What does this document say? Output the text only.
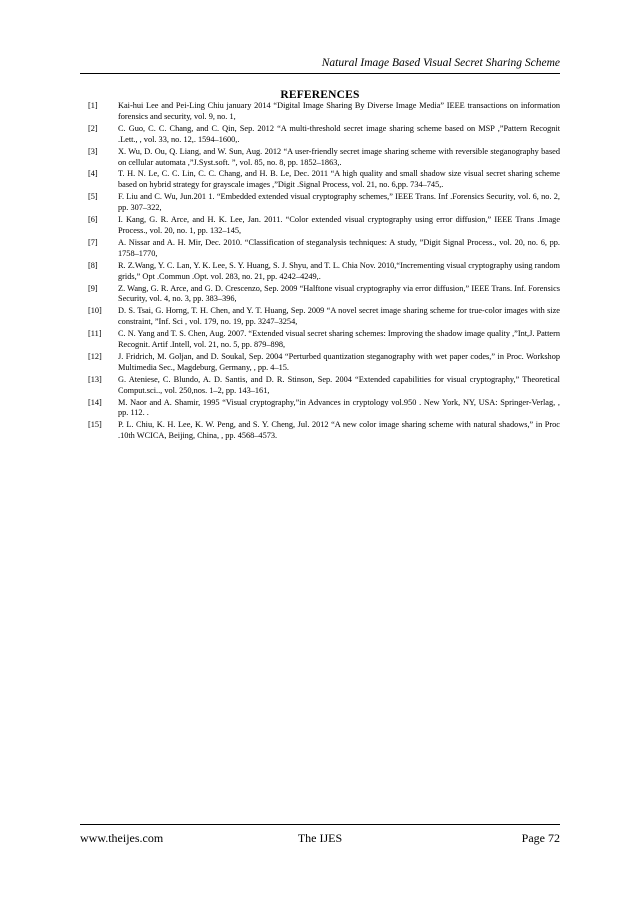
Natural Image Based Visual Secret Sharing Scheme
REFERENCES
[1]	Kai-hui Lee and Pei-Ling Chiu january 2014 “Digital Image Sharing By Diverse Image Media” IEEE transactions on information forensics and security, vol. 9, no. 1,
[2]	C. Guo, C. C. Chang, and C. Qin, Sep. 2012 “A multi-threshold secret image sharing scheme based on MSP ,”Pattern Recognit .Lett., , vol. 33, no. 12,. 1594–1600,.
[3]	X. Wu, D. Ou, Q. Liang, and W. Sun, Aug. 2012 “A user-friendly secret image sharing scheme with reversible steganography based on cellular automata ,”J.Syst.soft. ”, vol. 85, no. 8, pp. 1852–1863,.
[4]	T. H. N. Le, C. C. Lin, C. C. Chang, and H. B. Le, Dec. 2011 “A high quality and small shadow size visual secret sharing scheme based on hybrid strategy for grayscale images ,”Digit .Signal Process, vol. 21, no. 6,pp. 734–745,.
[5]	F. Liu and C. Wu, Jun.201 1. “Embedded extended visual cryptography schemes,” IEEE Trans. Inf .Forensics Security, vol. 6, no. 2, pp. 307–322,
[6]	I. Kang, G. R. Arce, and H. K. Lee, Jan. 2011. “Color extended visual cryptography using error diffusion,” IEEE Trans .Image Process., vol. 20, no. 1, pp. 132–145,
[7]	A. Nissar and A. H. Mir, Dec. 2010. “Classification of steganalysis techniques: A study, ”Digit Signal Process., vol. 20, no. 6, pp. 1758–1770,
[8]	R. Z.Wang, Y. C. Lan, Y. K. Lee, S. Y. Huang, S. J. Shyu, and T. L. Chia Nov. 2010,“Incrementing visual cryptography using random grids,” Opt .Commun .Opt. vol. 283, no. 21, pp. 4242–4249,.
[9]	Z. Wang, G. R. Arce, and G. D. Crescenzo, Sep. 2009 “Halftone visual cryptography via error diffusion,” IEEE Trans. Inf. Forensics Security, vol. 4, no. 3, pp. 383–396,
[10]	D. S. Tsai, G. Horng, T. H. Chen, and Y. T. Huang, Sep. 2009 “A novel secret image sharing scheme for true-color images with size constraint, ”Inf. Sci , vol. 179, no. 19, pp. 3247–3254,
[11]	C. N. Yang and T. S. Chen, Aug. 2007. “Extended visual secret sharing schemes: Improving the shadow image quality ,”Int,J. Pattern Recognit. Artif .Intell, vol. 21, no. 5, pp. 879–898,
[12]	J. Fridrich, M. Goljan, and D. Soukal, Sep. 2004 “Perturbed quantization steganography with wet paper codes,” in Proc. Workshop Multimedia Sec., Magdeburg, Germany, , pp. 4–15.
[13]	G. Ateniese, C. Blundo, A. D. Santis, and D. R. Stinson, Sep. 2004 “Extended capabilities for visual cryptography,” Theoretical Comput.sci.., vol. 250,nos. 1–2, pp. 143–161,
[14]	M. Naor and A. Shamir, 1995 “Visual cryptography,”in Advances in cryptology vol.950 . New York, NY, USA: Springer-Verlag, , pp. 112. .
[15]	P. L. Chiu, K. H. Lee, K. W. Peng, and S. Y. Cheng, Jul. 2012 “A new color image sharing scheme with natural shadows,” in Proc .10th WCICA, Beijing, China, , pp. 4568–4573.
The IJES
www.theijes.com	Page 72
